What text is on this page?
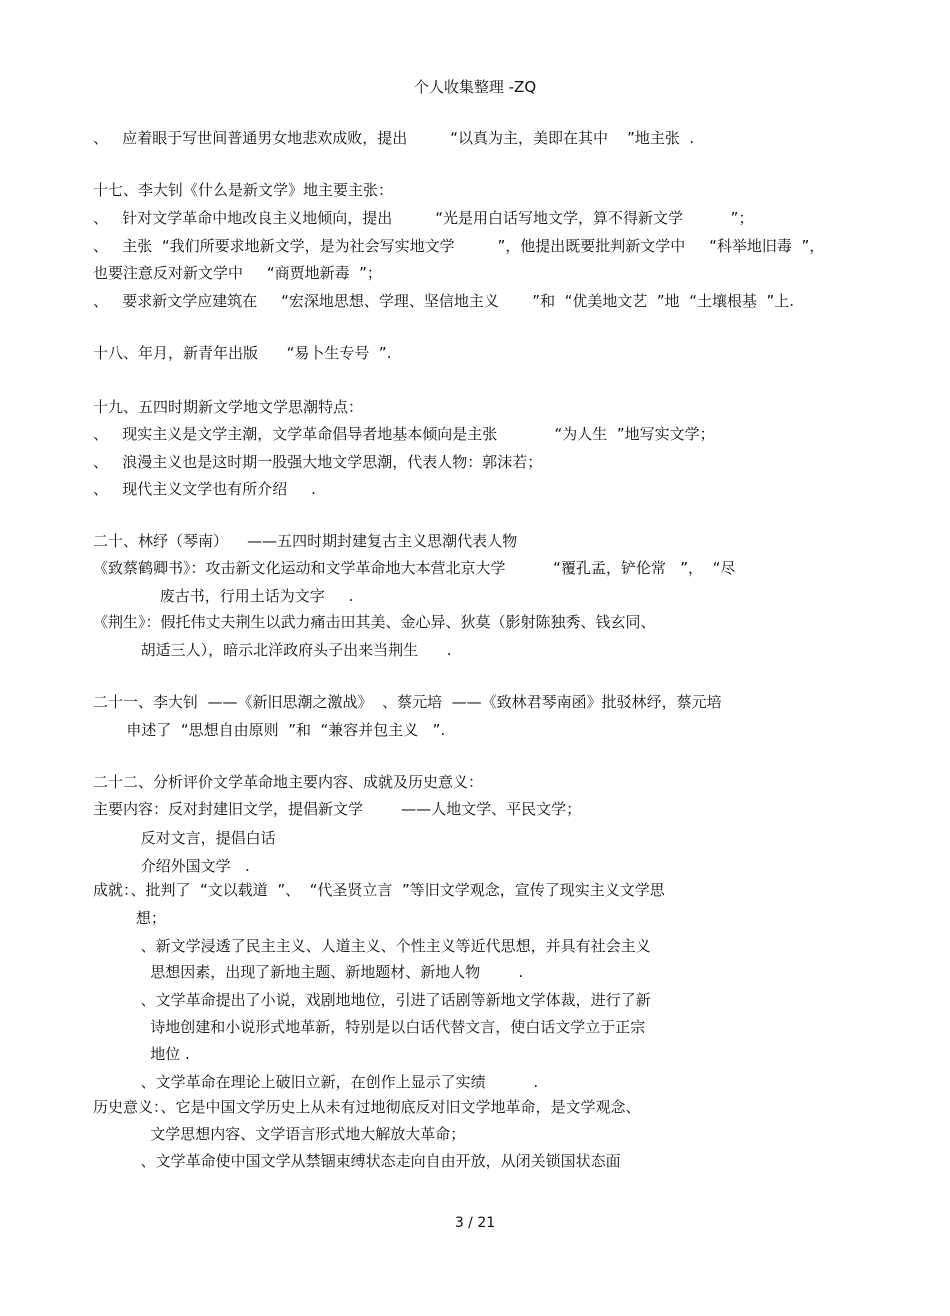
个人收集整理 -ZQ
、   应着眼于写世间普通男女地悲欢成败，提出         “以真为主，美即在其中    ”地主张  .
十七、李大钊《什么是新文学》地主要主张：
、   针对文学革命中地改良主义地倾向，提出         “光是用白话写地文学，算不得新文学          ”；
、   主张  “我们所要求地新文学，是为社会写实地文学         ”，他提出既要批判新文学中     “科举地旧毒  ”，
也要注意反对新文学中     “商贾地新毒  ”；
、   要求新文学应建筑在     “宏深地思想、学理、坚信地主义       ”和  “优美地文艺  ”地  “土壤根基  ”上.
十八、年月，新青年出版      “易卜生专号  ”.
十九、五四时期新文学地文学思潮特点：
、   现实主义是文学主潮，文学革命倡导者地基本倾向是主张            “为人生  ”地写实文学；
、   浪漫主义也是这时期一股强大地文学思潮，代表人物：郭沫若；
、   现代主义文学也有所介绍     .
二十、林纾（琴南）    ——五四时期封建复古主义思潮代表人物
《致蔡鹤卿书》：攻击新文化运动和文学革命地大本营北京大学          “覆孔孟，铲伦常   ”，  “尽
废古书，行用土话为文字     .
《荆生》：假托伟丈夫荆生以武力痛击田其美、金心异、狄莫（影射陈独秀、钱玄同、
胡适三人），暗示北洋政府头子出来当荆生      .
二十一、李大钊  ——《新旧思潮之激战》  、蔡元培  ——《致林君琴南函》批驳林纾，蔡元培
申述了  “思想自由原则  ”和  “兼容并包主义   ”.
二十二、分析评价文学革命地主要内容、成就及历史意义：
主要内容：反对封建旧文学，提倡新文学        ——人地文学、平民文学；
反对文言，提倡白话
介绍外国文学   .
成就：、批判了  “文以载道  ”、  “代圣贤立言  ”等旧文学观念，宣传了现实主义文学思
想；
、新文学浸透了民主主义、人道主义、个性主义等近代思想，并具有社会主义
思想因素，出现了新地主题、新地题材、新地人物        .
、文学革命提出了小说，戏剧地地位，引进了话剧等新地文学体裁，进行了新
诗地创建和小说形式地革新，特别是以白话代替文言，使白话文学立于正宗
地位 .
、文学革命在理论上破旧立新，在创作上显示了实绩          .
历史意义：、它是中国文学历史上从未有过地彻底反对旧文学地革命，是文学观念、
文学思想内容、文学语言形式地大解放大革命；
、文学革命使中国文学从禁锢束缚状态走向自由开放，从闭关锁国状态面
3 / 21
